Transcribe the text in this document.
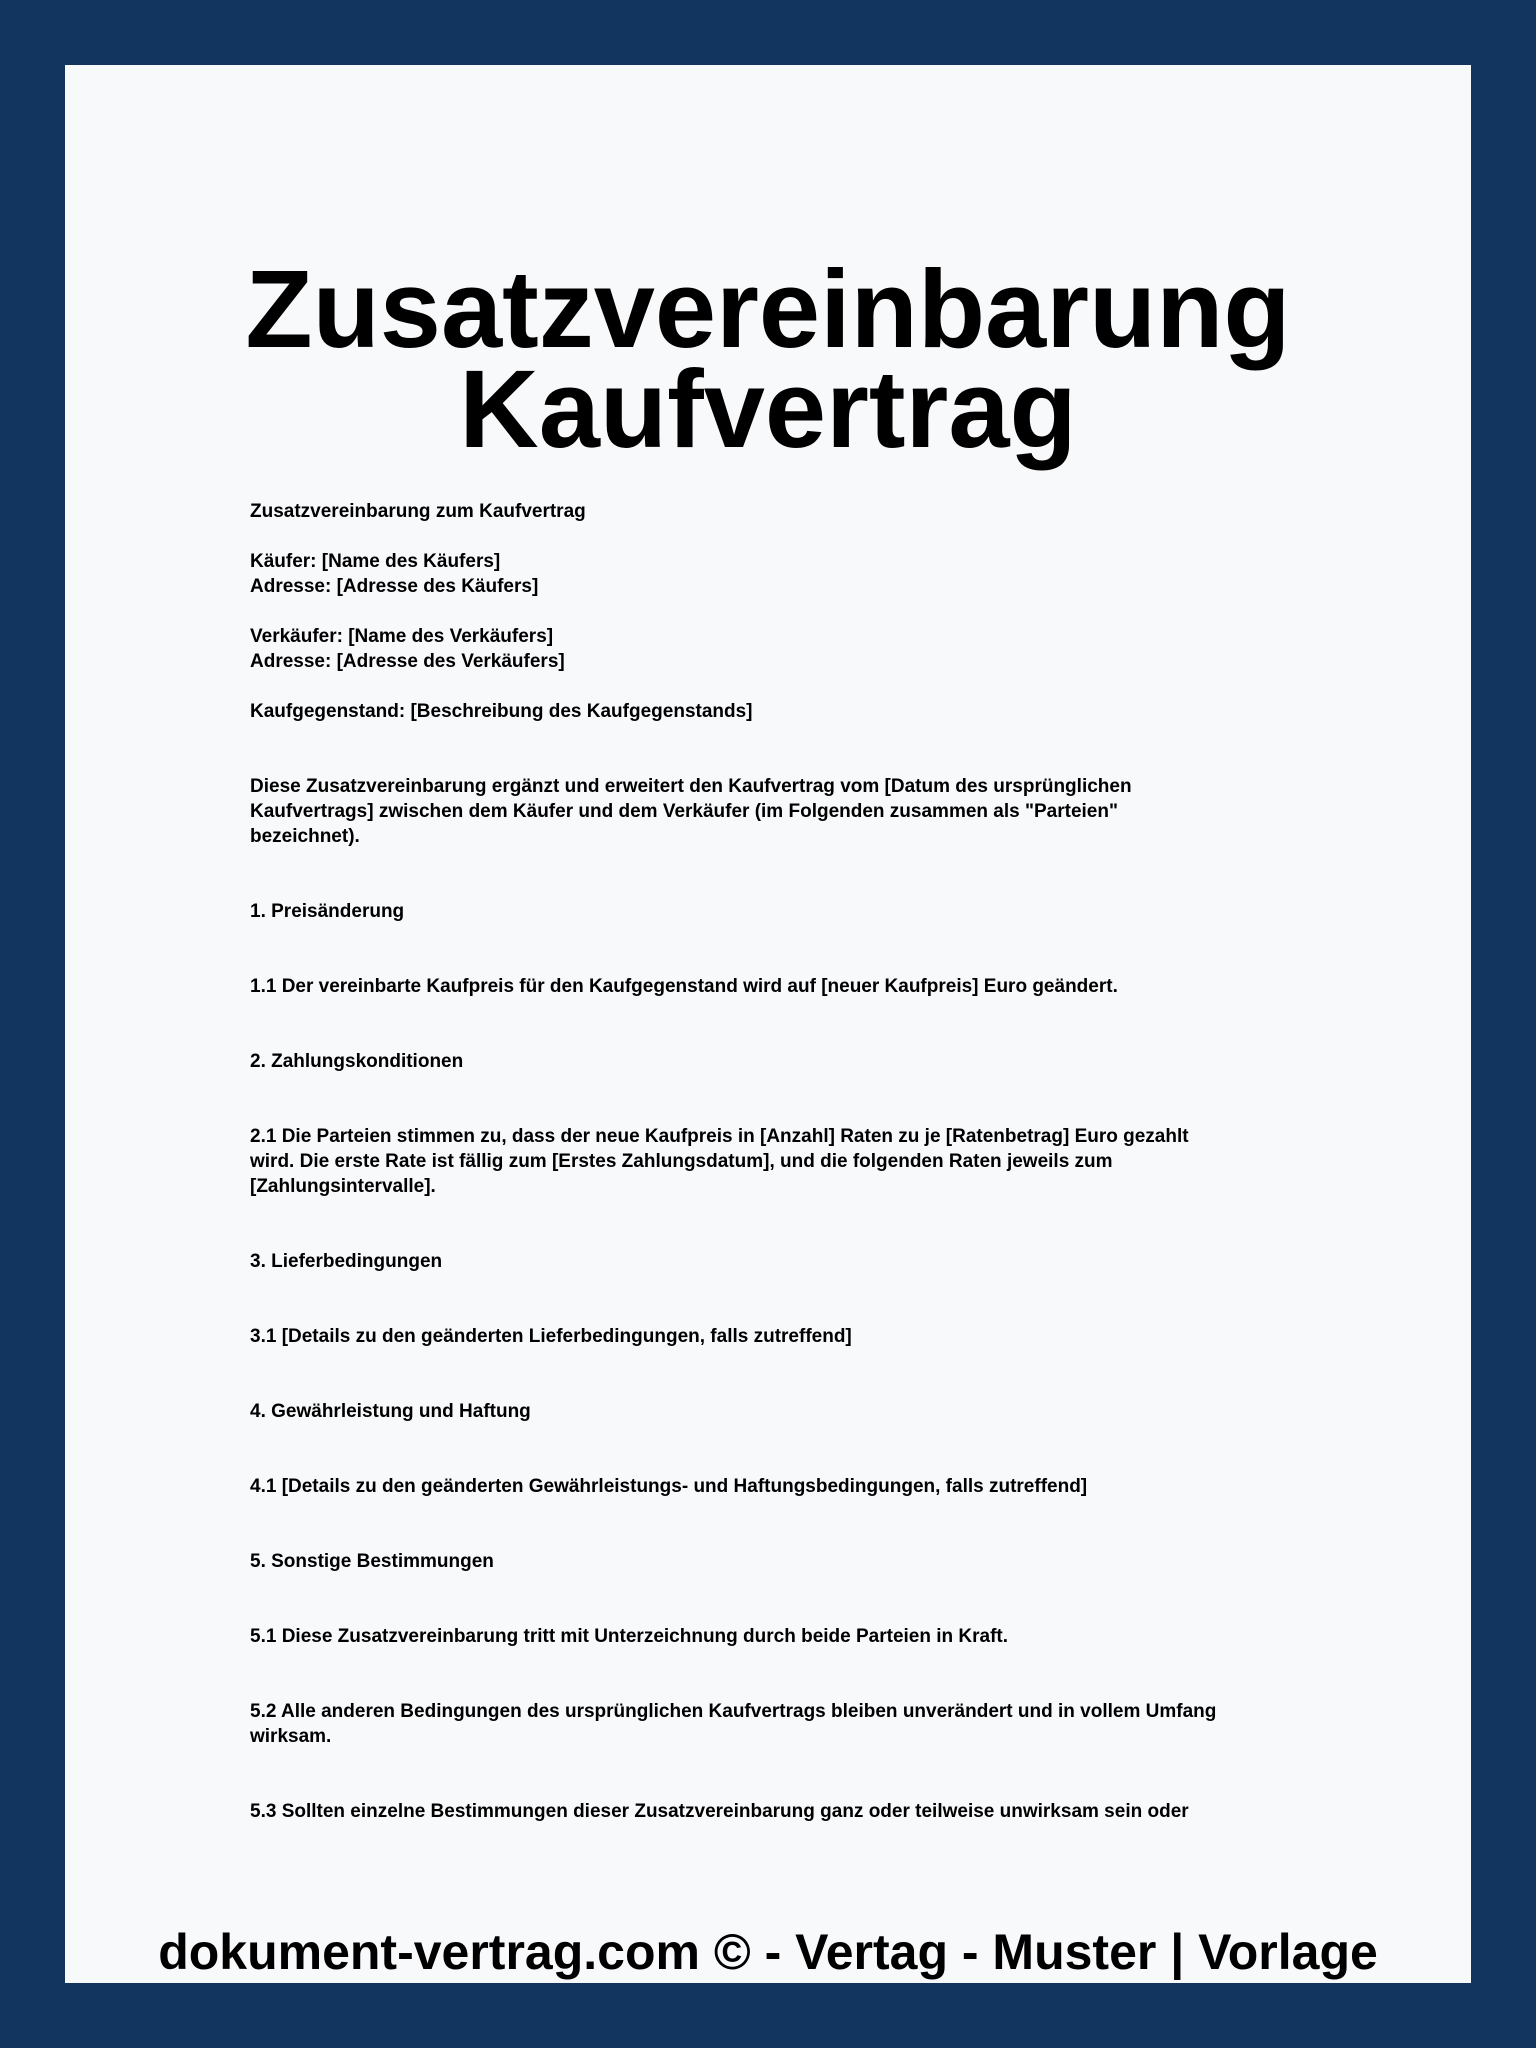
Zusatzvereinbarung
Kaufvertrag
Zusatzvereinbarung zum Kaufvertrag
Käufer: [Name des Käufers]
Adresse: [Adresse des Käufers]
Verkäufer: [Name des Verkäufers]
Adresse: [Adresse des Verkäufers]
Kaufgegenstand: [Beschreibung des Kaufgegenstands]
Diese Zusatzvereinbarung ergänzt und erweitert den Kaufvertrag vom [Datum des ursprünglichen
Kaufvertrags] zwischen dem Käufer und dem Verkäufer (im Folgenden zusammen als "Parteien"
bezeichnet).
1. Preisänderung
1.1 Der vereinbarte Kaufpreis für den Kaufgegenstand wird auf [neuer Kaufpreis] Euro geändert.
2. Zahlungskonditionen
2.1 Die Parteien stimmen zu, dass der neue Kaufpreis in [Anzahl] Raten zu je [Ratenbetrag] Euro gezahlt
wird. Die erste Rate ist fällig zum [Erstes Zahlungsdatum], und die folgenden Raten jeweils zum
[Zahlungsintervalle].
3. Lieferbedingungen
3.1 [Details zu den geänderten Lieferbedingungen, falls zutreffend]
4. Gewährleistung und Haftung
4.1 [Details zu den geänderten Gewährleistungs- und Haftungsbedingungen, falls zutreffend]
5. Sonstige Bestimmungen
5.1 Diese Zusatzvereinbarung tritt mit Unterzeichnung durch beide Parteien in Kraft.
5.2 Alle anderen Bedingungen des ursprünglichen Kaufvertrags bleiben unverändert und in vollem Umfang
wirksam.
5.3 Sollten einzelne Bestimmungen dieser Zusatzvereinbarung ganz oder teilweise unwirksam sein oder
dokument-vertrag.com © - Vertag - Muster | Vorlage
